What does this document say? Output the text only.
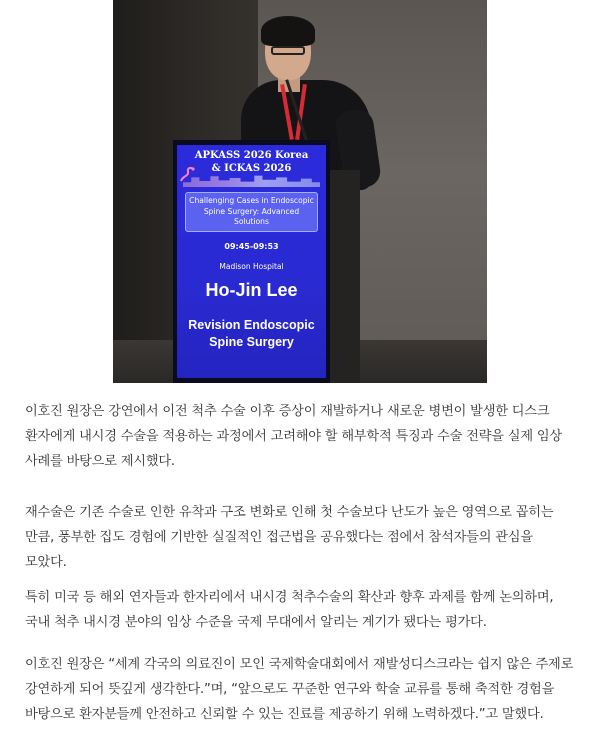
APKASS 2026 Korea
& ICKAS 2026
Challenging Cases in Endoscopic Spine Surgery: Advanced Solutions
09:45-09:53
Madison Hospital
Ho-Jin Lee
Revision Endoscopic
Spine Surgery

이호진 원장은 강연에서 이전 척추 수술 이후 증상이 재발하거나 새로운 병변이 발생한 디스크 환자에게 내시경 수술을 적용하는 과정에서 고려해야 할 해부학적 특징과 수술 전략을 실제 임상 사례를 바탕으로 제시했다.

재수술은 기존 수술로 인한 유착과 구조 변화로 인해 첫 수술보다 난도가 높은 영역으로 꼽히는 만큼, 풍부한 집도 경험에 기반한 실질적인 접근법을 공유했다는 점에서 참석자들의 관심을 모았다.

특히 미국 등 해외 연자들과 한자리에서 내시경 척추수술의 확산과 향후 과제를 함께 논의하며, 국내 척추 내시경 분야의 임상 수준을 국제 무대에서 알리는 계기가 됐다는 평가다.

이호진 원장은 “세계 각국의 의료진이 모인 국제학술대회에서 재발성디스크라는 쉽지 않은 주제로 강연하게 되어 뜻깊게 생각한다.”며, “앞으로도 꾸준한 연구와 학술 교류를 통해 축적한 경험을 바탕으로 환자분들께 안전하고 신뢰할 수 있는 진료를 제공하기 위해 노력하겠다.”고 말했다.
